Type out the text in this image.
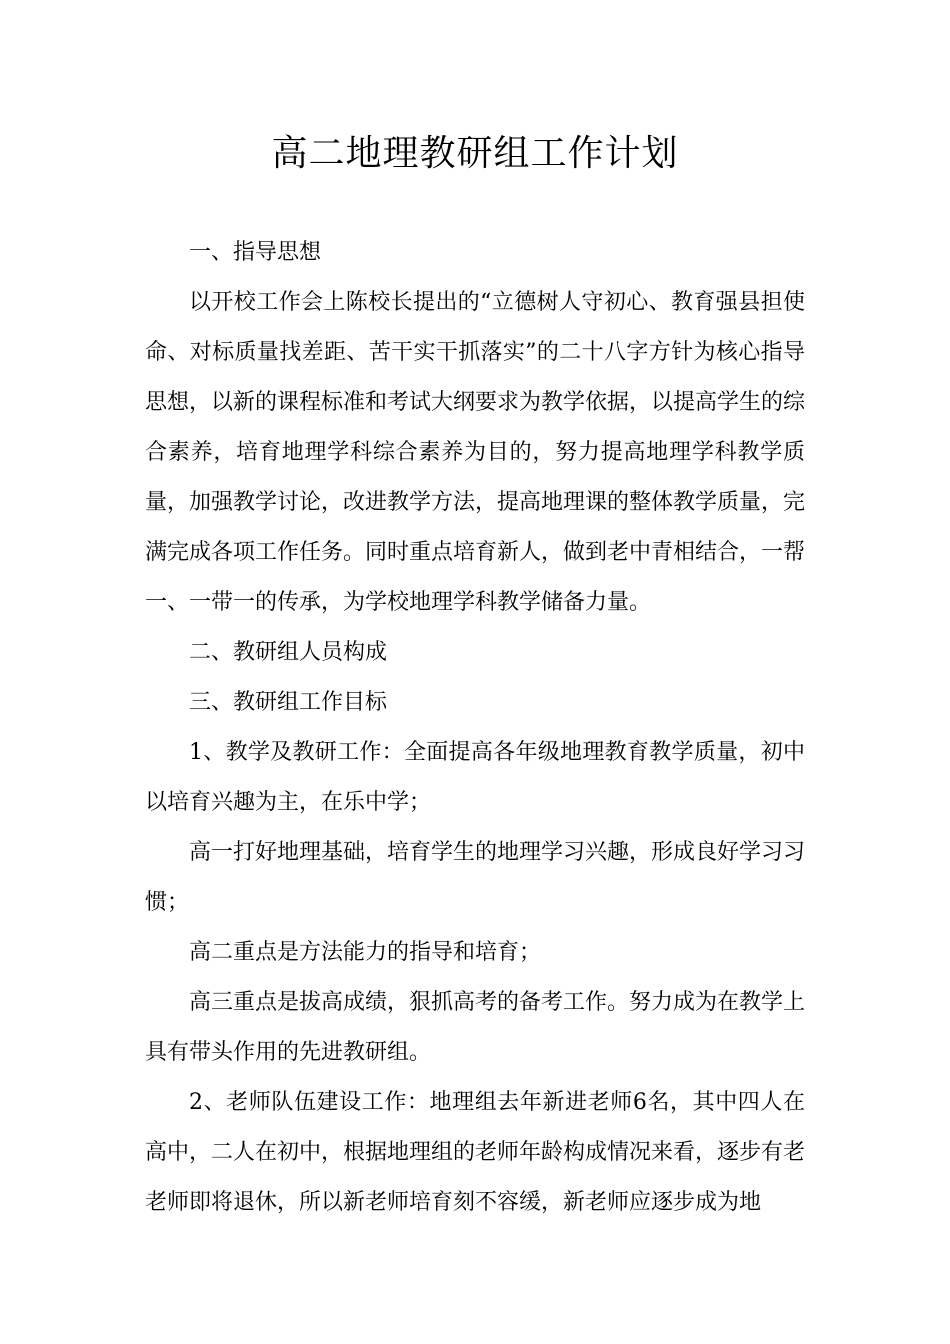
高二地理教研组工作计划

一、指导思想

以开校工作会上陈校长提出的“立德树人守初心、教育强县担使命、对标质量找差距、苦干实干抓落实”的二十八字方针为核心指导思想，以新的课程标准和考试大纲要求为教学依据，以提高学生的综合素养，培育地理学科综合素养为目的，努力提高地理学科教学质量，加强教学讨论，改进教学方法，提高地理课的整体教学质量，完满完成各项工作任务。同时重点培育新人，做到老中青相结合，一帮一、一带一的传承，为学校地理学科教学储备力量。

二、教研组人员构成

三、教研组工作目标

1、教学及教研工作：全面提高各年级地理教育教学质量，初中以培育兴趣为主，在乐中学；

高一打好地理基础，培育学生的地理学习兴趣，形成良好学习习惯；

高二重点是方法能力的指导和培育；

高三重点是拔高成绩，狠抓高考的备考工作。努力成为在教学上具有带头作用的先进教研组。

2、老师队伍建设工作：地理组去年新进老师6名，其中四人在高中，二人在初中，根据地理组的老师年龄构成情况来看，逐步有老老师即将退休，所以新老师培育刻不容缓，新老师应逐步成为地
